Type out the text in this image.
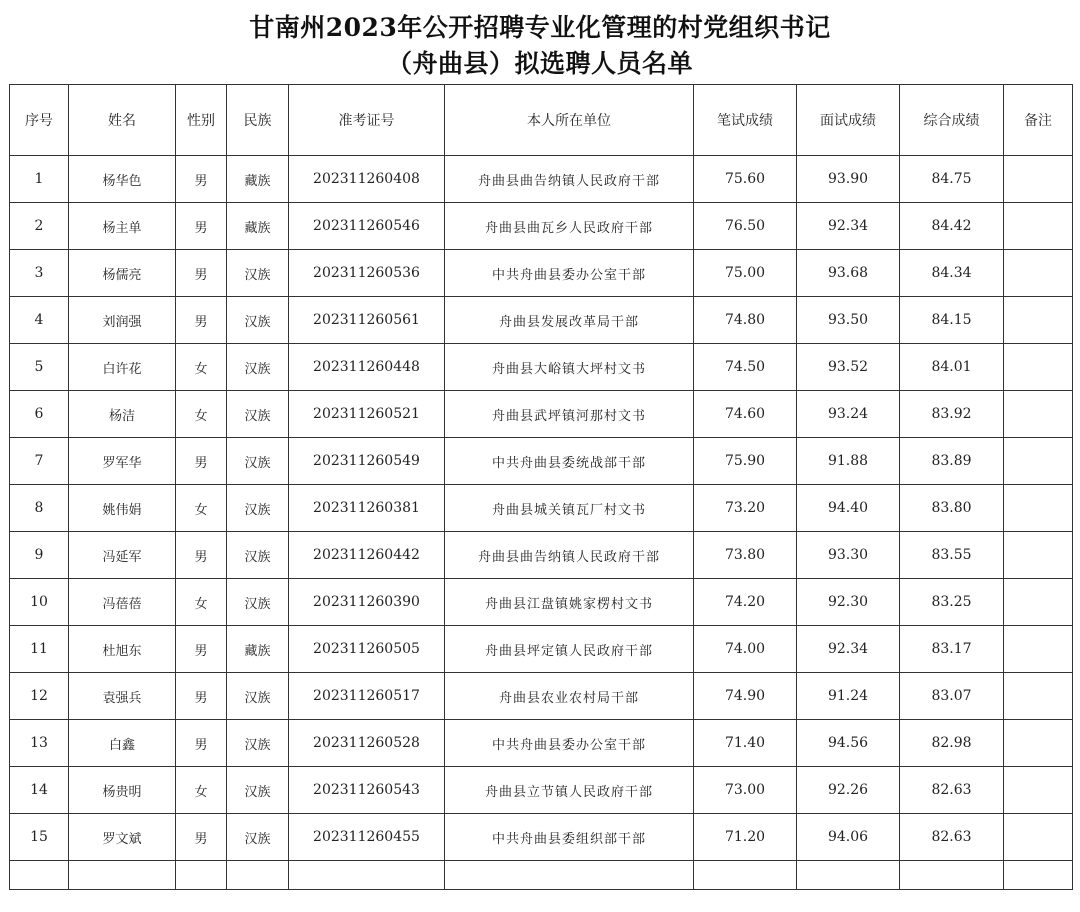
甘南州2023年公开招聘专业化管理的村党组织书记
（舟曲县）拟选聘人员名单
序号	姓名	性别	民族	准考证号	本人所在单位	笔试成绩	面试成绩	综合成绩	备注
1	杨华色	男	藏族	202311260408	舟曲县曲告纳镇人民政府干部	75.60	93.90	84.75	
2	杨主单	男	藏族	202311260546	舟曲县曲瓦乡人民政府干部	76.50	92.34	84.42	
3	杨儒亮	男	汉族	202311260536	中共舟曲县委办公室干部	75.00	93.68	84.34	
4	刘润强	男	汉族	202311260561	舟曲县发展改革局干部	74.80	93.50	84.15	
5	白许花	女	汉族	202311260448	舟曲县大峪镇大坪村文书	74.50	93.52	84.01	
6	杨洁	女	汉族	202311260521	舟曲县武坪镇河那村文书	74.60	93.24	83.92	
7	罗军华	男	汉族	202311260549	中共舟曲县委统战部干部	75.90	91.88	83.89	
8	姚伟娟	女	汉族	202311260381	舟曲县城关镇瓦厂村文书	73.20	94.40	83.80	
9	冯延军	男	汉族	202311260442	舟曲县曲告纳镇人民政府干部	73.80	93.30	83.55	
10	冯蓓蓓	女	汉族	202311260390	舟曲县江盘镇姚家楞村文书	74.20	92.30	83.25	
11	杜旭东	男	藏族	202311260505	舟曲县坪定镇人民政府干部	74.00	92.34	83.17	
12	袁强兵	男	汉族	202311260517	舟曲县农业农村局干部	74.90	91.24	83.07	
13	白鑫	男	汉族	202311260528	中共舟曲县委办公室干部	71.40	94.56	82.98	
14	杨贵明	女	汉族	202311260543	舟曲县立节镇人民政府干部	73.00	92.26	82.63	
15	罗文斌	男	汉族	202311260455	中共舟曲县委组织部干部	71.20	94.06	82.63	
